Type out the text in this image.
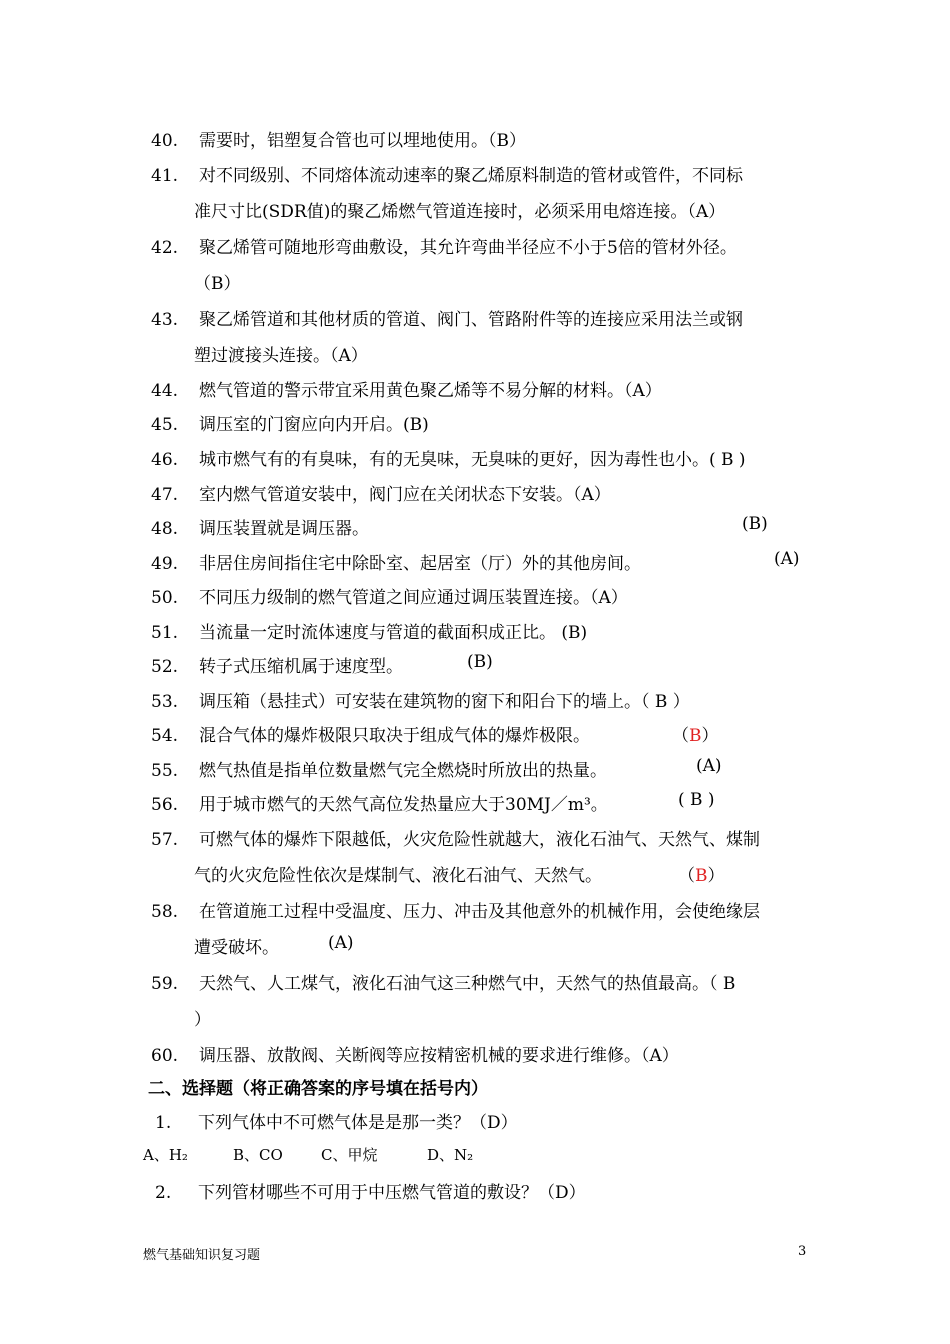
40. 需要时，铝塑复合管也可以埋地使用。（B）
41. 对不同级别、不同熔体流动速率的聚乙烯原料制造的管材或管件，不同标
准尺寸比(SDR值)的聚乙烯燃气管道连接时，必须采用电熔连接。（A）
42. 聚乙烯管可随地形弯曲敷设，其允许弯曲半径应不小于5倍的管材外径。
（B）
43. 聚乙烯管道和其他材质的管道、阀门、管路附件等的连接应采用法兰或钢
塑过渡接头连接。（A）
44. 燃气管道的警示带宜采用黄色聚乙烯等不易分解的材料。（A）
45. 调压室的门窗应向内开启。(B)
46. 城市燃气有的有臭味，有的无臭味，无臭味的更好，因为毒性也小。( B )
47. 室内燃气管道安装中，阀门应在关闭状态下安装。（A）
48. 调压装置就是调压器。	(B)
49. 非居住房间指住宅中除卧室、起居室（厅）外的其他房间。	(A)
50. 不同压力级制的燃气管道之间应通过调压装置连接。（A）
51. 当流量一定时流体速度与管道的截面积成正比。 (B)
52. 转子式压缩机属于速度型。	(B)
53. 调压箱（悬挂式）可安装在建筑物的窗下和阳台下的墙上。（ B ）
54. 混合气体的爆炸极限只取决于组成气体的爆炸极限。	（B）
55. 燃气热值是指单位数量燃气完全燃烧时所放出的热量。	(A)
56. 用于城市燃气的天然气高位发热量应大于30MJ／m³。	( B )
57. 可燃气体的爆炸下限越低，火灾危险性就越大，液化石油气、天然气、煤制
气的火灾危险性依次是煤制气、液化石油气、天然气。	（B）
58. 在管道施工过程中受温度、压力、冲击及其他意外的机械作用，会使绝缘层
遭受破坏。	(A)
59. 天然气、人工煤气，液化石油气这三种燃气中，天然气的热值最高。（ B
）
60. 调压器、放散阀、关断阀等应按精密机械的要求进行维修。（A）
二、选择题（将正确答案的序号填在括号内）
1. 下列气体中不可燃气体是是那一类？（D）
A、H₂	B、CO	C、甲烷	D、N₂
2. 下列管材哪些不可用于中压燃气管道的敷设？（D）
燃气基础知识复习题	3
